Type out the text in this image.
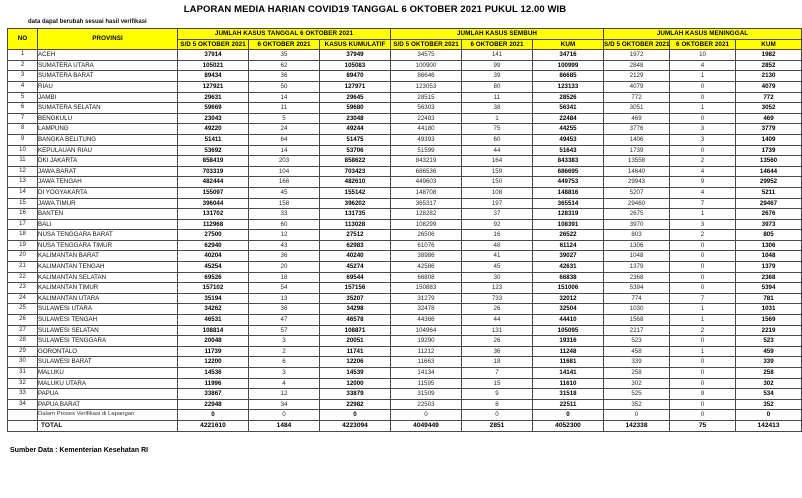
LAPORAN MEDIA HARIAN COVID19 TANGGAL 6 OKTOBER 2021 PUKUL 12.00 WIB
data dapat berubah sesuai hasil verifikasi
NO	PROVINSI	JUMLAH KASUS TANGGAL 6 OKTOBER 2021			JUMLAH KASUS SEMBUH			JUMLAH KASUS MENINGGAL		
		S/D 5 OKTOBER 2021	6 OKTOBER 2021	KASUS KUMULATIF	S/D 5 OKTOBER 2021	6 OKTOBER 2021	KUM	S/D 5 OKTOBER 2021	6 OKTOBER 2021	KUM
1	ACEH	37914	35	37949	34575	141	34716	1972	10	1982
2	SUMATERA UTARA	105021	62	105083	100900	99	100999	2848	4	2852
3	SUMATERA BARAT	89434	36	89470	86646	39	86685	2129	1	2130
4	RIAU	127921	50	127971	123053	80	123133	4079	0	4079
5	JAMBI	29631	14	29645	28515	11	28526	772	0	772
6	SUMATERA SELATAN	59669	11	59680	56303	38	56341	3051	1	3052
7	BENGKULU	23043	5	23048	22483	1	22484	469	0	469
8	LAMPUNG	49220	24	49244	44180	75	44255	3776	3	3779
9	BANGKA BELITUNG	51411	64	51475	49393	60	49453	1406	3	1409
10	KEPULAUAN RIAU	53692	14	53706	51599	44	51643	1739	0	1739
11	DKI JAKARTA	858419	203	858622	843219	164	843383	13558	2	13560
12	JAWA BARAT	703319	104	703423	686536	159	686695	14640	4	14644
13	JAWA TENGAH	482444	166	482610	449603	150	449753	29943	9	29952
14	DI YOGYAKARTA	155097	45	155142	148708	108	148816	5207	4	5211
15	JAWA TIMUR	396044	158	396202	365317	197	365514	29460	7	29467
16	BANTEN	131702	33	131735	128282	37	128319	2675	1	2676
17	BALI	112968	60	113028	108299	92	108391	3970	3	3973
18	NUSA TENGGARA BARAT	27500	12	27512	26506	16	26522	803	2	805
19	NUSA TENGGARA TIMUR	62940	43	62983	61076	48	61124	1306	0	1306
20	KALIMANTAN BARAT	40204	36	40240	38986	41	39027	1048	0	1048
21	KALIMANTAN TENGAH	45254	20	45274	42586	45	42631	1379	0	1379
22	KALIMANTAN SELATAN	69526	18	69544	66808	30	66838	2368	0	2368
23	KALIMANTAN TIMUR	157102	54	157156	150883	123	151006	5394	0	5394
24	KALIMANTAN UTARA	35194	13	35207	31279	733	32012	774	7	781
25	SULAWESI UTARA	34262	36	34298	32478	26	32504	1030	1	1031
26	SULAWESI TENGAH	46531	47	46578	44366	44	44410	1568	1	1569
27	SULAWESI SELATAN	108814	57	108871	104964	131	105095	2217	2	2219
28	SULAWESI TENGGARA	20048	3	20051	19290	26	19316	523	0	523
29	GORONTALO	11739	2	11741	11212	36	11248	458	1	459
30	SULAWESI BARAT	12200	6	12206	11663	18	11681	339	0	339
31	MALUKU	14536	3	14539	14134	7	14141	258	0	258
32	MALUKU UTARA	11996	4	12000	11595	15	11610	302	0	302
33	PAPUA	33867	12	33879	31509	9	31518	525	9	534
34	PAPUA BARAT	22948	34	22982	22503	8	22511	352	0	352
	Dalam Proses Verifikasi di Lapangan	0	0	0	0	0	0	0	0	0
	TOTAL	4221610	1484	4223094	4049449	2851	4052300	142338	75	142413
Sumber Data : Kementerian Kesehatan RI
